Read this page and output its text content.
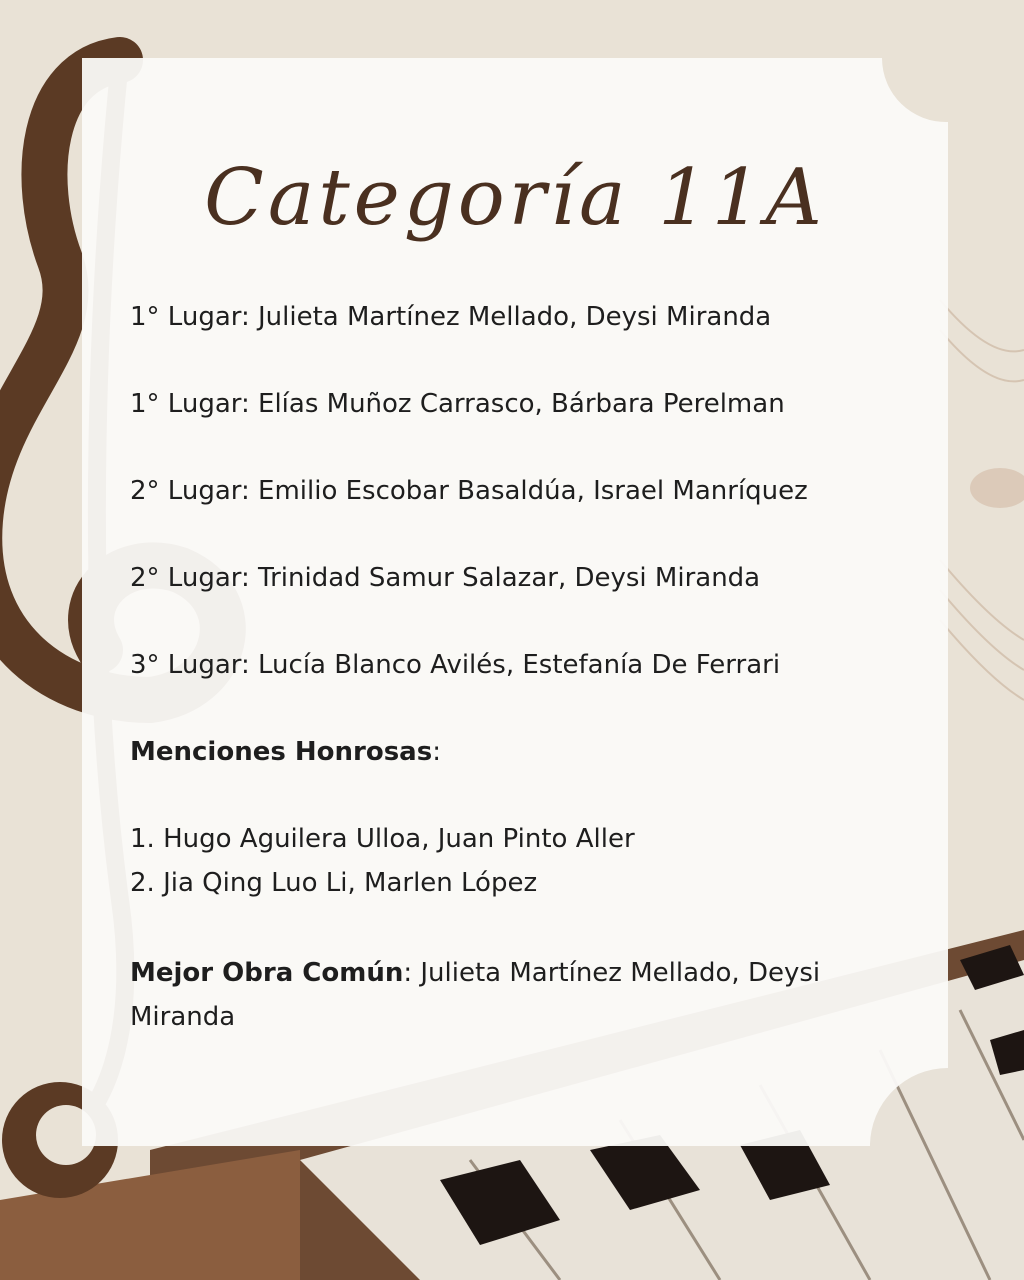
Categoría 11A
1° Lugar: Julieta Martínez Mellado, Deysi Miranda
1° Lugar: Elías Muñoz Carrasco, Bárbara Perelman
2° Lugar: Emilio Escobar Basaldúa, Israel Manríquez
2° Lugar: Trinidad Samur Salazar, Deysi Miranda
3° Lugar: Lucía Blanco Avilés, Estefanía De Ferrari
Menciones Honrosas:
1. Hugo Aguilera Ulloa, Juan Pinto Aller
2. Jia Qing Luo Li, Marlen López
Mejor Obra Común: Julieta Martínez Mellado, Deysi Miranda
